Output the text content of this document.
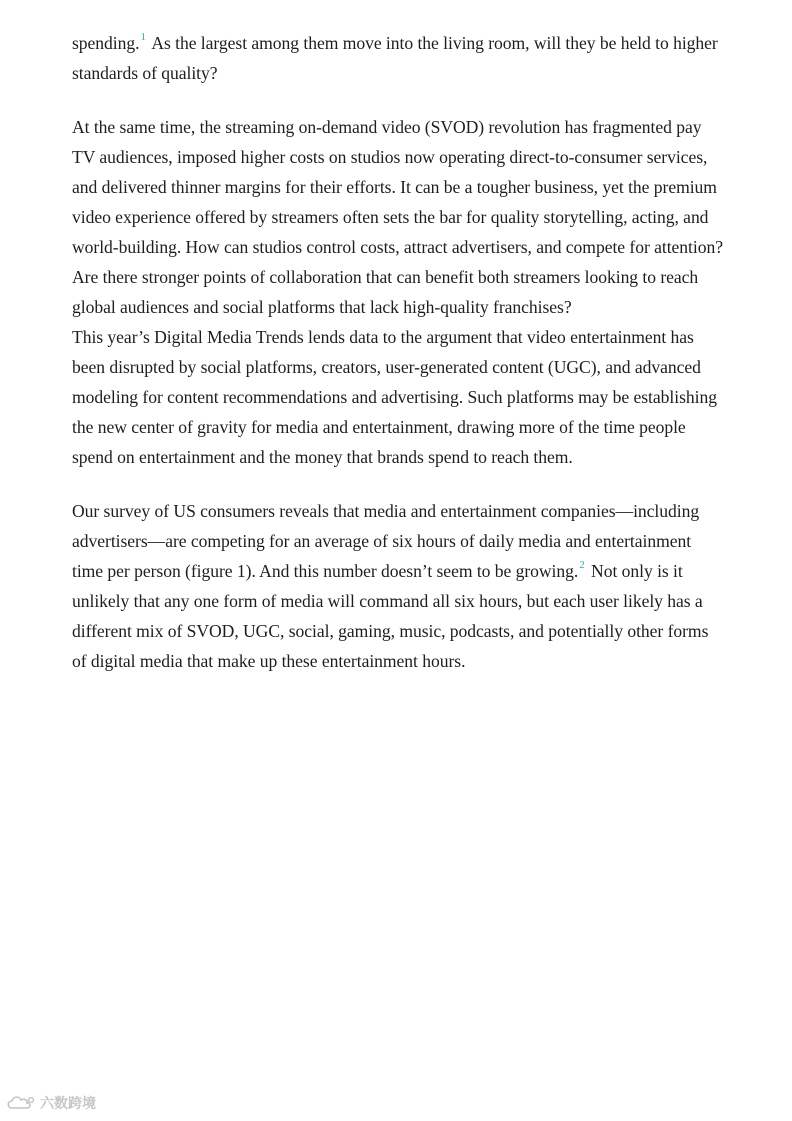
spending.$^1$ As the largest among them move into the living room, will they be held to higher standards of quality?

At the same time, the streaming on-demand video (SVOD) revolution has fragmented pay TV audiences, imposed higher costs on studios now operating direct-to-consumer services, and delivered thinner margins for their efforts. It can be a tougher business, yet the premium video experience offered by streamers often sets the bar for quality storytelling, acting, and world-building. How can studios control costs, attract advertisers, and compete for attention? Are there stronger points of collaboration that can benefit both streamers looking to reach global audiences and social platforms that lack high-quality franchises?

This year’s Digital Media Trends lends data to the argument that video entertainment has been disrupted by social platforms, creators, user-generated content (UGC), and advanced modeling for content recommendations and advertising. Such platforms may be establishing the new center of gravity for media and entertainment, drawing more of the time people spend on entertainment and the money that brands spend to reach them.

Our survey of US consumers reveals that media and entertainment companies—including advertisers—are competing for an average of six hours of daily media and entertainment time per person (figure 1). And this number doesn’t seem to be growing.$^2$ Not only is it unlikely that any one form of media will command all six hours, but each user likely has a different mix of SVOD, UGC, social, gaming, music, podcasts, and potentially other forms of digital media that make up these entertainment hours.

六数跨境
